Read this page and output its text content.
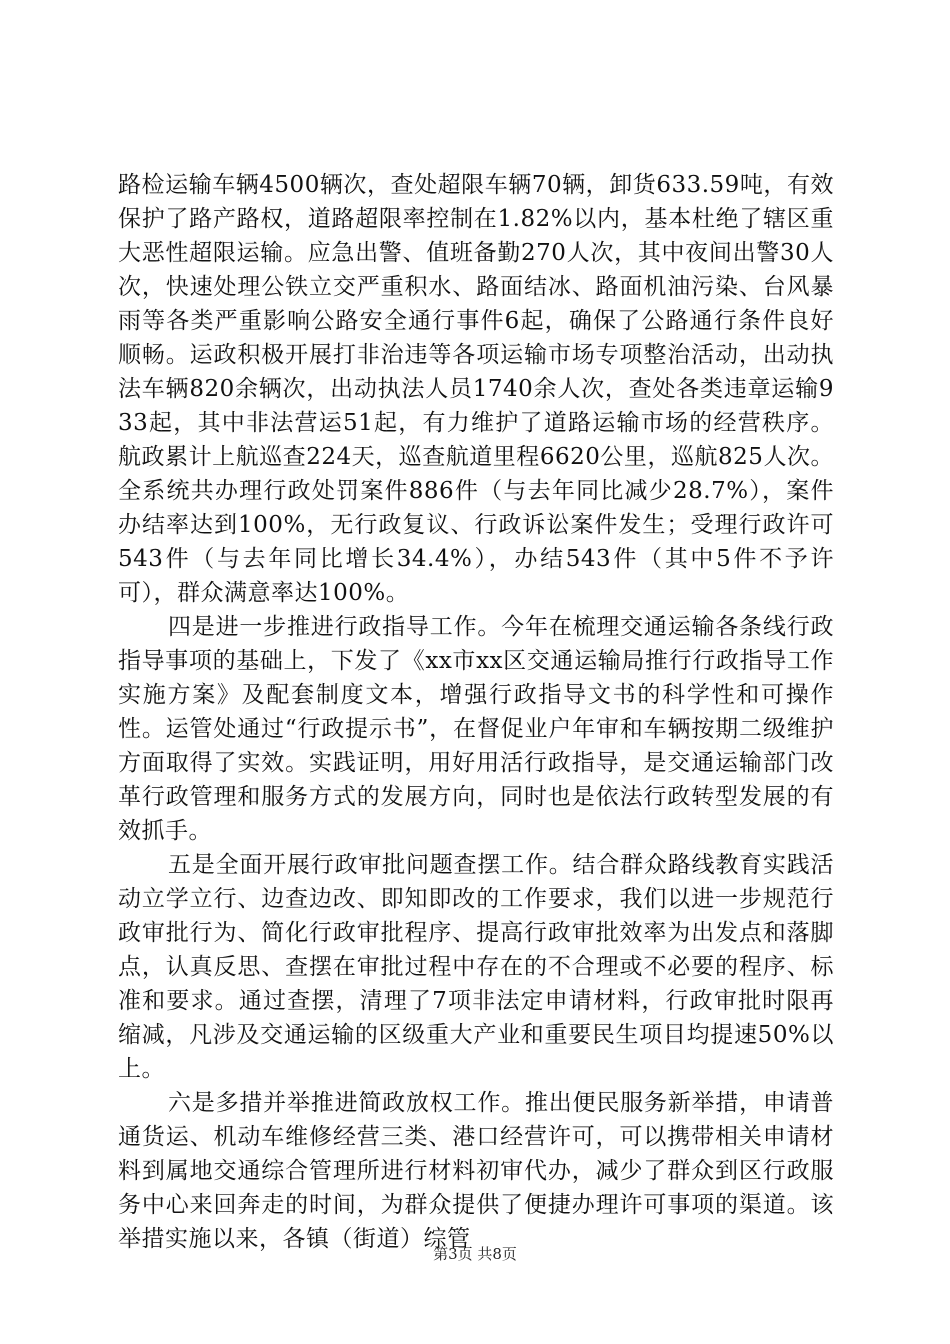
路检运输车辆4500辆次，查处超限车辆70辆，卸货633.59吨，有效保护了路产路权，道路超限率控制在1.82%以内，基本杜绝了辖区重大恶性超限运输。应急出警、值班备勤270人次，其中夜间出警30人次，快速处理公铁立交严重积水、路面结冰、路面机油污染、台风暴雨等各类严重影响公路安全通行事件6起，确保了公路通行条件良好顺畅。运政积极开展打非治违等各项运输市场专项整治活动，出动执法车辆820余辆次，出动执法人员1740余人次，查处各类违章运输933起，其中非法营运51起，有力维护了道路运输市场的经营秩序。航政累计上航巡查224天，巡查航道里程6620公里，巡航825人次。全系统共办理行政处罚案件886件（与去年同比减少28.7%），案件办结率达到100%，无行政复议、行政诉讼案件发生；受理行政许可543件（与去年同比增长34.4%），办结543件（其中5件不予许可），群众满意率达100%。

四是进一步推进行政指导工作。今年在梳理交通运输各条线行政指导事项的基础上，下发了《xx市xx区交通运输局推行行政指导工作实施方案》及配套制度文本，增强行政指导文书的科学性和可操作性。运管处通过“行政提示书”，在督促业户年审和车辆按期二级维护方面取得了实效。实践证明，用好用活行政指导，是交通运输部门改革行政管理和服务方式的发展方向，同时也是依法行政转型发展的有效抓手。

五是全面开展行政审批问题查摆工作。结合群众路线教育实践活动立学立行、边查边改、即知即改的工作要求，我们以进一步规范行政审批行为、简化行政审批程序、提高行政审批效率为出发点和落脚点，认真反思、查摆在审批过程中存在的不合理或不必要的程序、标准和要求。通过查摆，清理了7项非法定申请材料，行政审批时限再缩减，凡涉及交通运输的区级重大产业和重要民生项目均提速50%以上。

六是多措并举推进简政放权工作。推出便民服务新举措，申请普通货运、机动车维修经营三类、港口经营许可，可以携带相关申请材料到属地交通综合管理所进行材料初审代办，减少了群众到区行政服务中心来回奔走的时间，为群众提供了便捷办理许可事项的渠道。该举措实施以来，各镇（街道）综管

第3页 共8页
